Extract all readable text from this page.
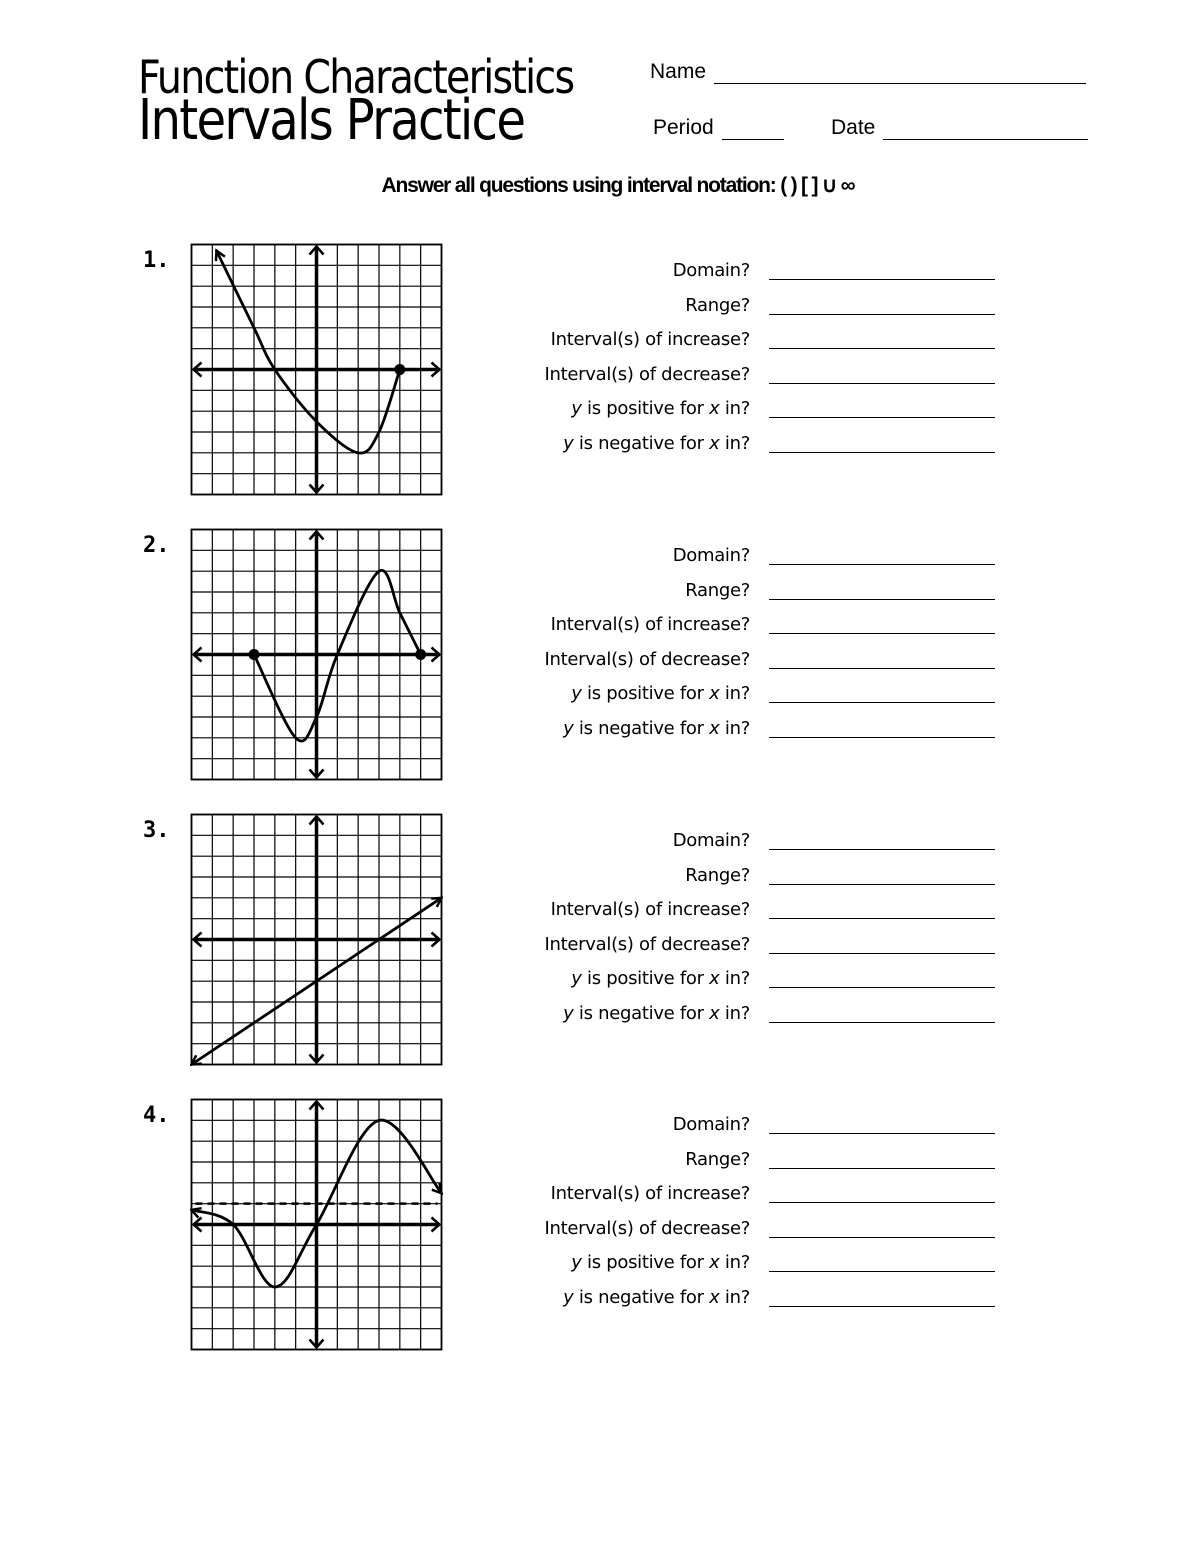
Function Characteristics
Intervals Practice
Name
Period	Date
Answer all questions using interval notation: ( ) [ ] ∪ ∞
1.
2.
3.
4.
Domain?
Range?
Interval(s) of increase?
Interval(s) of decrease?
y is positive for x in?
y is negative for x in?
Domain?
Range?
Interval(s) of increase?
Interval(s) of decrease?
y is positive for x in?
y is negative for x in?
Domain?
Range?
Interval(s) of increase?
Interval(s) of decrease?
y is positive for x in?
y is negative for x in?
Domain?
Range?
Interval(s) of increase?
Interval(s) of decrease?
y is positive for x in?
y is negative for x in?
